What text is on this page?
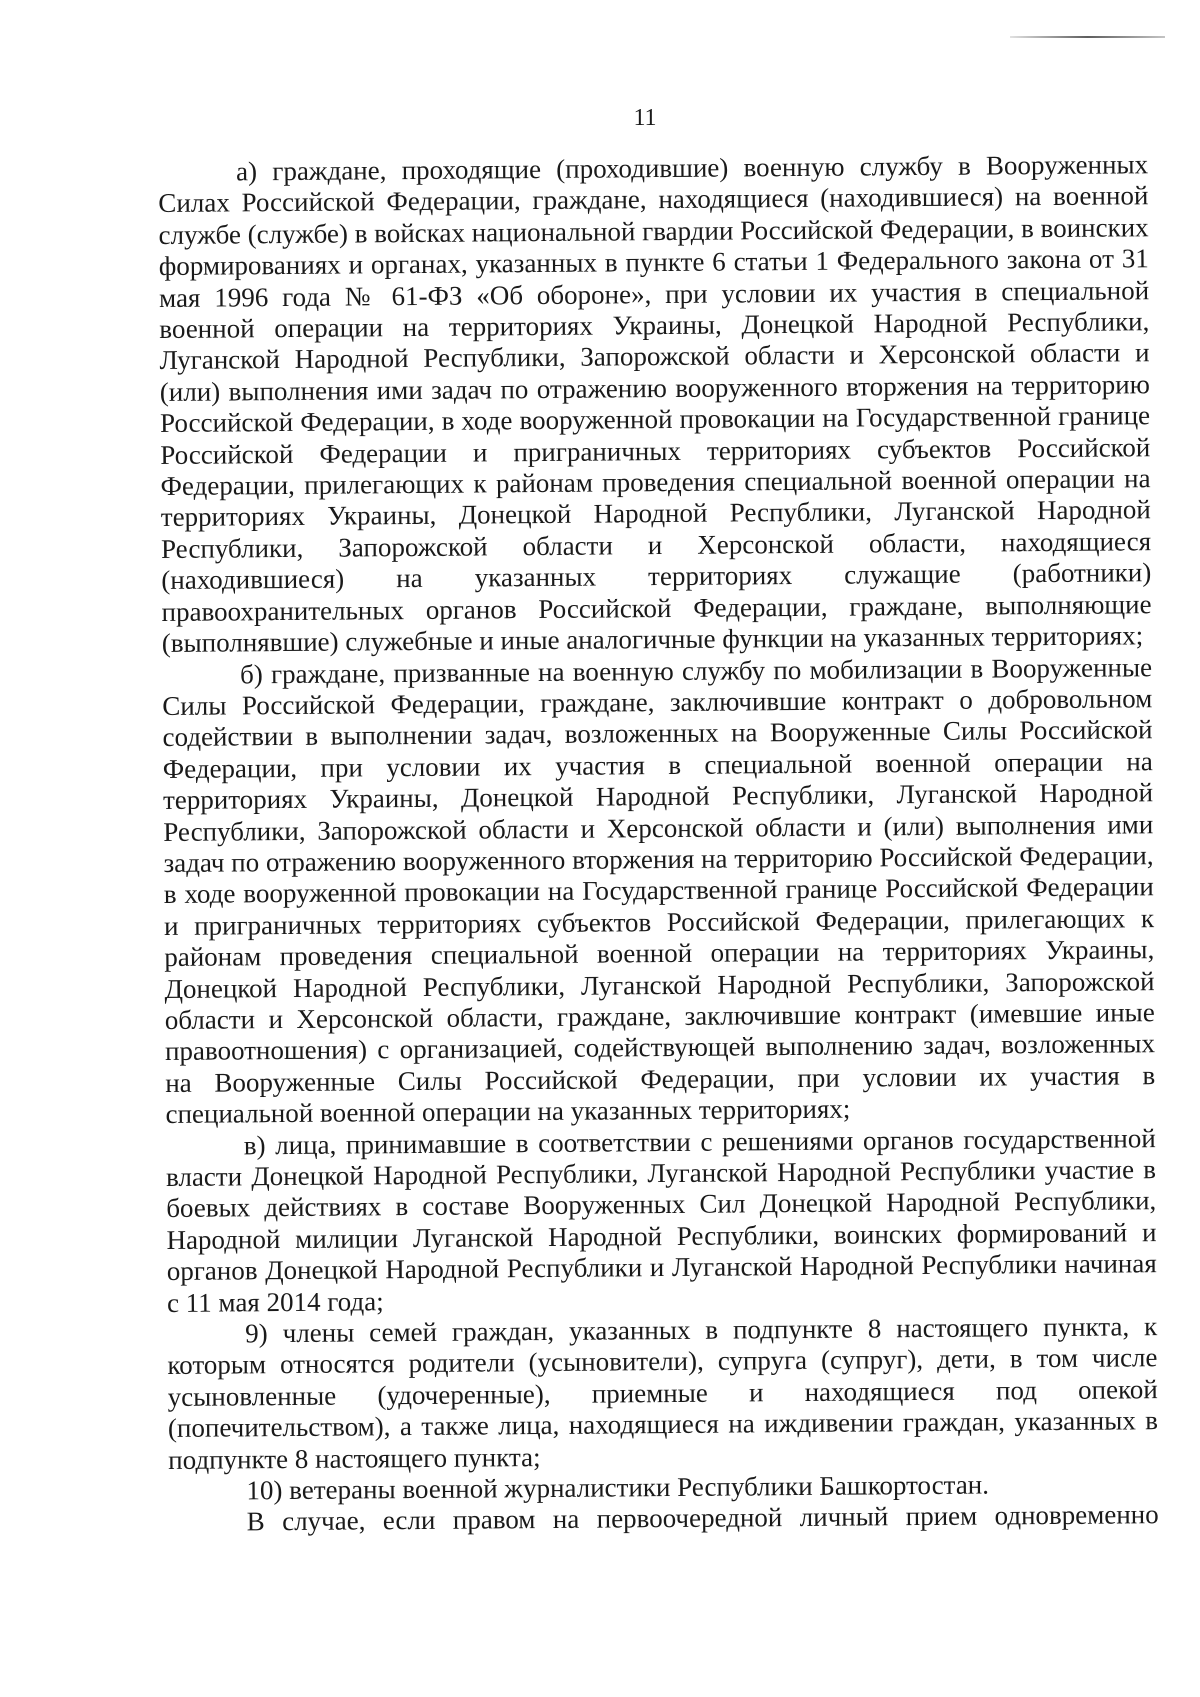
11

а) граждане, проходящие (проходившие) военную службу в Вооруженных Силах Российской Федерации, граждане, находящиеся (находившиеся) на военной службе (службе) в войсках национальной гвардии Российской Федерации, в воинских формированиях и органах, указанных в пункте 6 статьи 1 Федерального закона от 31 мая 1996 года № 61-ФЗ «Об обороне», при условии их участия в специальной военной операции на территориях Украины, Донецкой Народной Республики, Луганской Народной Республики, Запорожской области и Херсонской области и (или) выполнения ими задач по отражению вооруженного вторжения на территорию Российской Федерации, в ходе вооруженной провокации на Государственной границе Российской Федерации и приграничных территориях субъектов Российской Федерации, прилегающих к районам проведения специальной военной операции на территориях Украины, Донецкой Народной Республики, Луганской Народной Республики, Запорожской области и Херсонской области, находящиеся (находившиеся) на указанных территориях служащие (работники) правоохранительных органов Российской Федерации, граждане, выполняющие (выполнявшие) служебные и иные аналогичные функции на указанных территориях;

б) граждане, призванные на военную службу по мобилизации в Вооруженные Силы Российской Федерации, граждане, заключившие контракт о добровольном содействии в выполнении задач, возложенных на Вооруженные Силы Российской Федерации, при условии их участия в специальной военной операции на территориях Украины, Донецкой Народной Республики, Луганской Народной Республики, Запорожской области и Херсонской области и (или) выполнения ими задач по отражению вооруженного вторжения на территорию Российской Федерации, в ходе вооруженной провокации на Государственной границе Российской Федерации и приграничных территориях субъектов Российской Федерации, прилегающих к районам проведения специальной военной операции на территориях Украины, Донецкой Народной Республики, Луганской Народной Республики, Запорожской области и Херсонской области, граждане, заключившие контракт (имевшие иные правоотношения) с организацией, содействующей выполнению задач, возложенных на Вооруженные Силы Российской Федерации, при условии их участия в специальной военной операции на указанных территориях;

в) лица, принимавшие в соответствии с решениями органов государственной власти Донецкой Народной Республики, Луганской Народной Республики участие в боевых действиях в составе Вооруженных Сил Донецкой Народной Республики, Народной милиции Луганской Народной Республики, воинских формирований и органов Донецкой Народной Республики и Луганской Народной Республики начиная с 11 мая 2014 года;

9) члены семей граждан, указанных в подпункте 8 настоящего пункта, к которым относятся родители (усыновители), супруга (супруг), дети, в том числе усыновленные (удочеренные), приемные и находящиеся под опекой (попечительством), а также лица, находящиеся на иждивении граждан, указанных в подпункте 8 настоящего пункта;

10) ветераны военной журналистики Республики Башкортостан.

В случае, если правом на первоочередной личный прием одновременно
